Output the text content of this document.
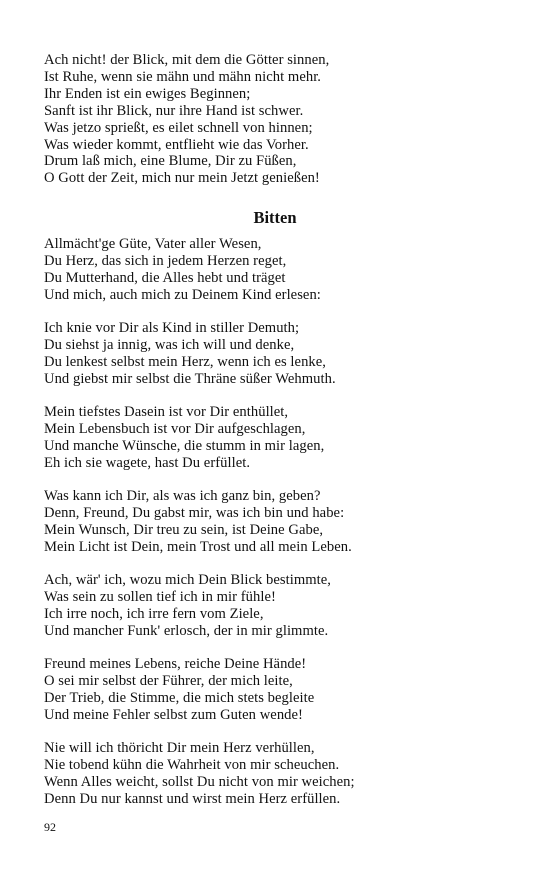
Ach nicht! der Blick, mit dem die Götter sinnen,
Ist Ruhe, wenn sie mähn und mähn nicht mehr.
Ihr Enden ist ein ewiges Beginnen;
Sanft ist ihr Blick, nur ihre Hand ist schwer.
Was jetzo sprießt, es eilet schnell von hinnen;
Was wieder kommt, entflieht wie das Vorher.
Drum laß mich, eine Blume, Dir zu Füßen,
O Gott der Zeit, mich nur mein Jetzt genießen!
Bitten
Allmächt'ge Güte, Vater aller Wesen,
Du Herz, das sich in jedem Herzen reget,
Du Mutterhand, die Alles hebt und träget
Und mich, auch mich zu Deinem Kind erlesen:
Ich knie vor Dir als Kind in stiller Demuth;
Du siehst ja innig, was ich will und denke,
Du lenkest selbst mein Herz, wenn ich es lenke,
Und giebst mir selbst die Thräne süßer Wehmuth.
Mein tiefstes Dasein ist vor Dir enthüllet,
Mein Lebensbuch ist vor Dir aufgeschlagen,
Und manche Wünsche, die stumm in mir lagen,
Eh ich sie wagete, hast Du erfüllet.
Was kann ich Dir, als was ich ganz bin, geben?
Denn, Freund, Du gabst mir, was ich bin und habe:
Mein Wunsch, Dir treu zu sein, ist Deine Gabe,
Mein Licht ist Dein, mein Trost und all mein Leben.
Ach, wär' ich, wozu mich Dein Blick bestimmte,
Was sein zu sollen tief ich in mir fühle!
Ich irre noch, ich irre fern vom Ziele,
Und mancher Funk' erlosch, der in mir glimmte.
Freund meines Lebens, reiche Deine Hände!
O sei mir selbst der Führer, der mich leite,
Der Trieb, die Stimme, die mich stets begleite
Und meine Fehler selbst zum Guten wende!
Nie will ich thöricht Dir mein Herz verhüllen,
Nie tobend kühn die Wahrheit von mir scheuchen.
Wenn Alles weicht, sollst Du nicht von mir weichen;
Denn Du nur kannst und wirst mein Herz erfüllen.
92
